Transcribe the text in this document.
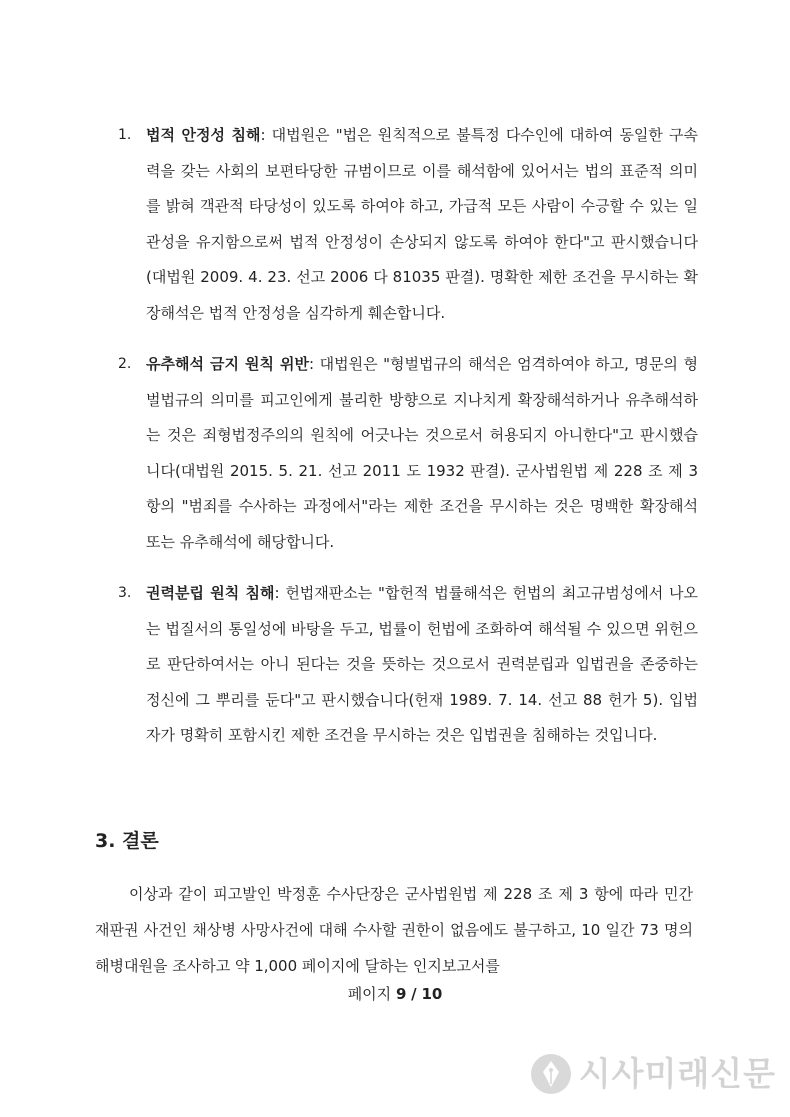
1. 법적 안정성 침해: 대법원은 "법은 원칙적으로 불특정 다수인에 대하여 동일한 구속력을 갖는 사회의 보편타당한 규범이므로 이를 해석함에 있어서는 법의 표준적 의미를 밝혀 객관적 타당성이 있도록 하여야 하고, 가급적 모든 사람이 수긍할 수 있는 일관성을 유지함으로써 법적 안정성이 손상되지 않도록 하여야 한다"고 판시했습니다(대법원 2009. 4. 23. 선고 2006 다 81035 판결). 명확한 제한 조건을 무시하는 확장해석은 법적 안정성을 심각하게 훼손합니다.
2. 유추해석 금지 원칙 위반: 대법원은 "형벌법규의 해석은 엄격하여야 하고, 명문의 형벌법규의 의미를 피고인에게 불리한 방향으로 지나치게 확장해석하거나 유추해석하는 것은 죄형법정주의의 원칙에 어긋나는 것으로서 허용되지 아니한다"고 판시했습니다(대법원 2015. 5. 21. 선고 2011 도 1932 판결). 군사법원법 제 228 조 제 3 항의 "범죄를 수사하는 과정에서"라는 제한 조건을 무시하는 것은 명백한 확장해석 또는 유추해석에 해당합니다.
3. 권력분립 원칙 침해: 헌법재판소는 "합헌적 법률해석은 헌법의 최고규범성에서 나오는 법질서의 통일성에 바탕을 두고, 법률이 헌법에 조화하여 해석될 수 있으면 위헌으로 판단하여서는 아니 된다는 것을 뜻하는 것으로서 권력분립과 입법권을 존중하는 정신에 그 뿌리를 둔다"고 판시했습니다(헌재 1989. 7. 14. 선고 88 헌가 5). 입법자가 명확히 포함시킨 제한 조건을 무시하는 것은 입법권을 침해하는 것입니다.
3. 결론

이상과 같이 피고발인 박정훈 수사단장은 군사법원법 제 228 조 제 3 항에 따라 민간 재판권 사건인 채상병 사망사건에 대해 수사할 권한이 없음에도 불구하고, 10 일간 73 명의 해병대원을 조사하고 약 1,000 페이지에 달하는 인지보고서를

페이지 9 / 10
시사미래신문
